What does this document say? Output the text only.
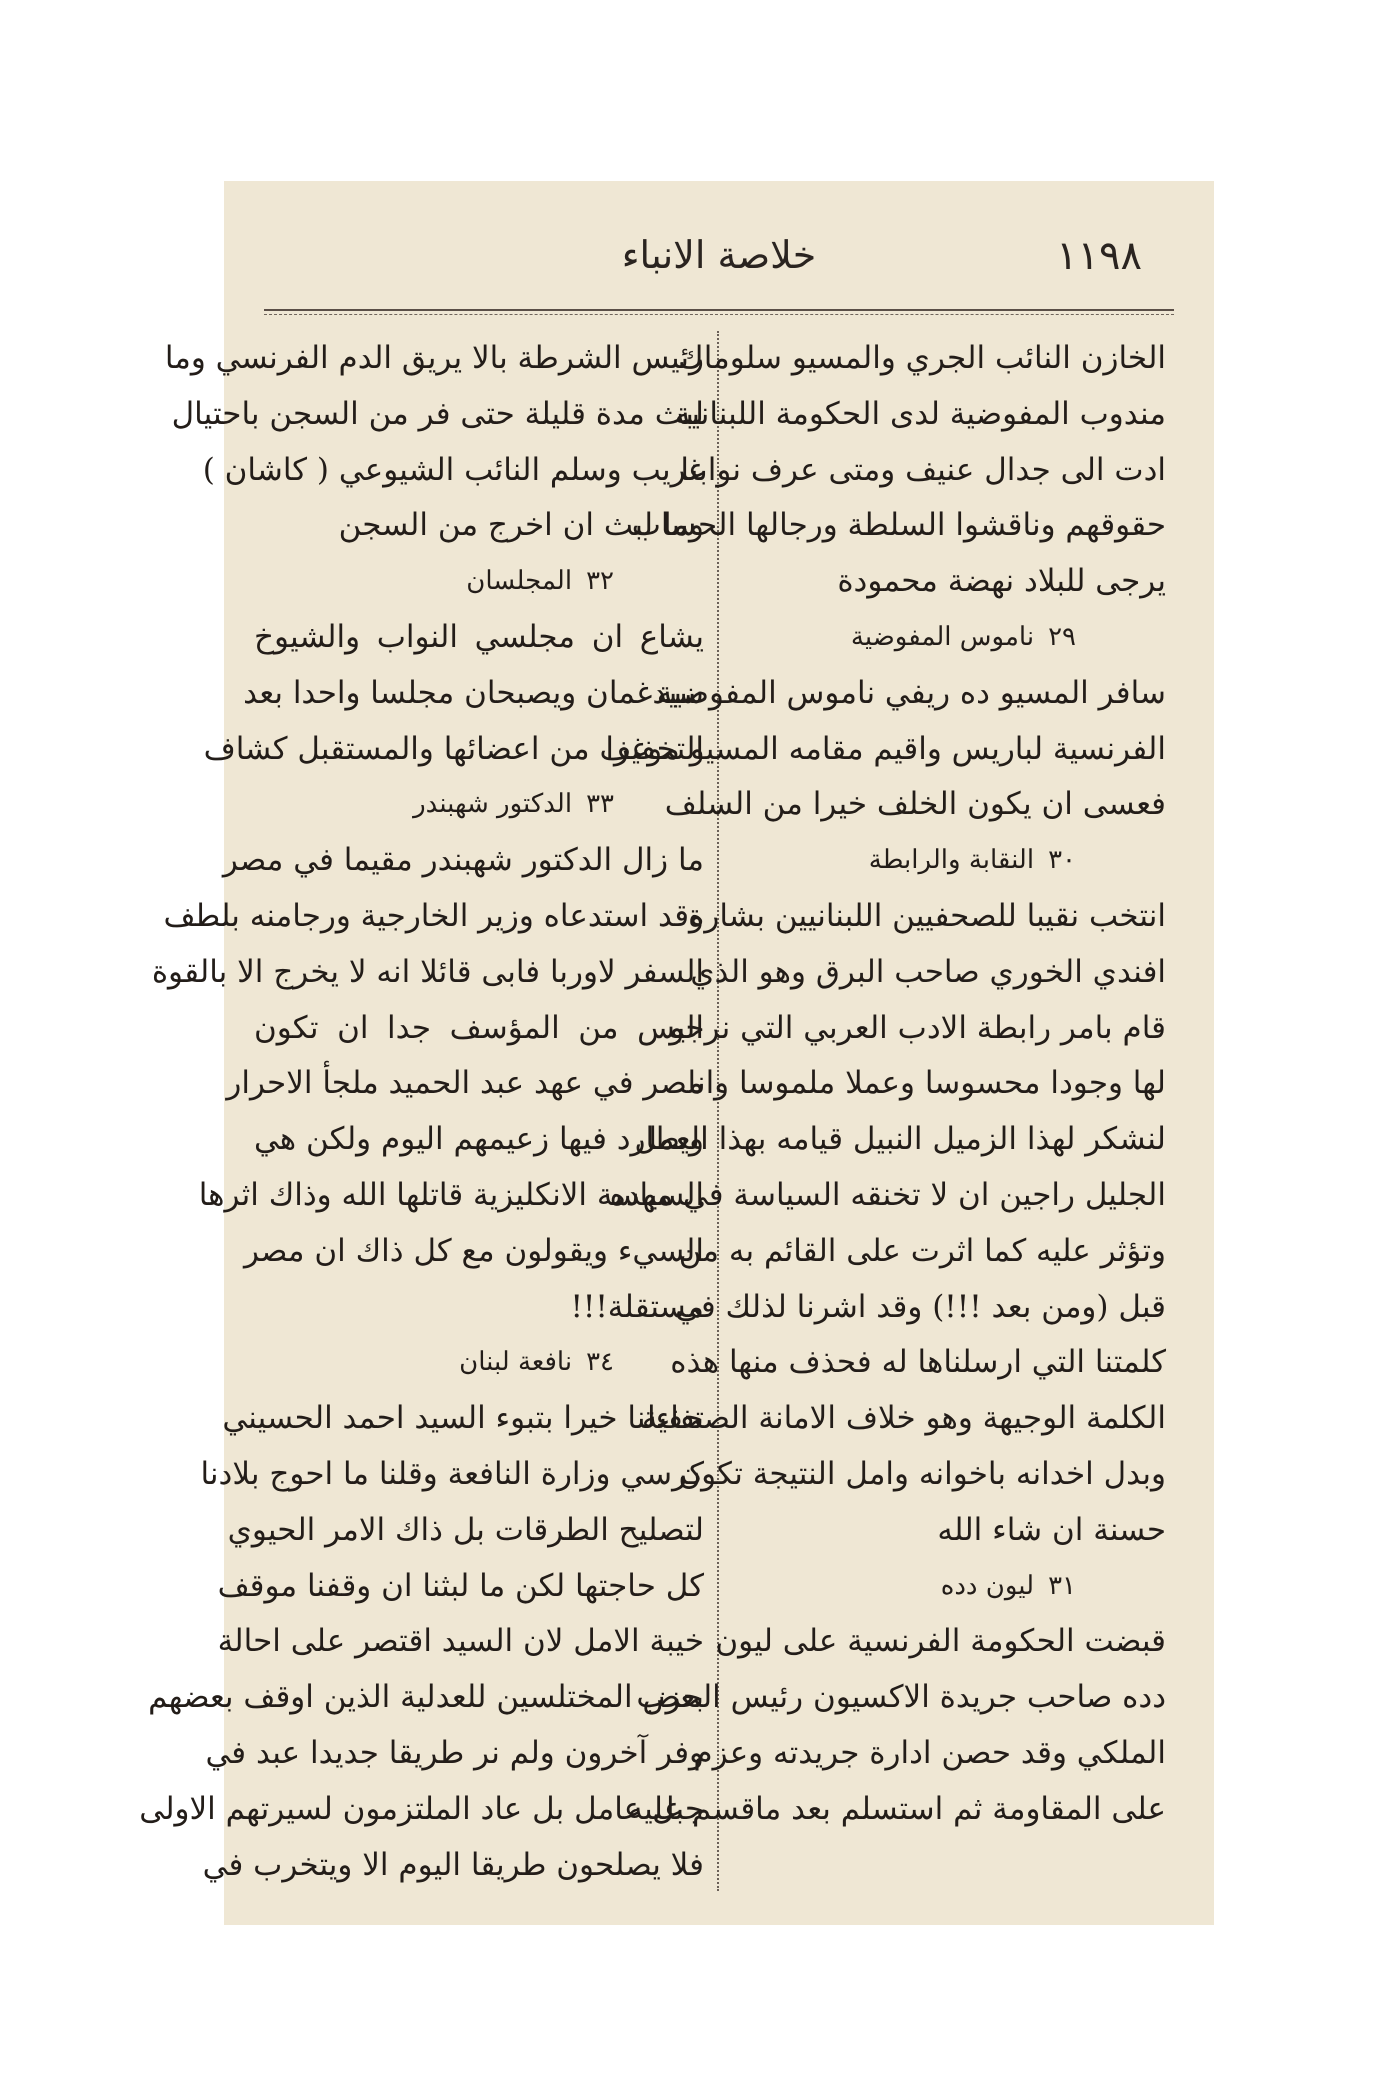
١١٩٨
خلاصة الانباء
الخازن النائب الجري والمسيو سلوماك
مندوب المفوضية لدى الحكومة اللبنانية
ادت الى جدال عنيف ومتى عرف نوابنا
حقوقهم وناقشوا السلطة ورجالها الحساب
يرجى للبلاد نهضة محمودة
٢٩ناموس المفوضية
سافر المسيو ده ريفي ناموس المفوضية
الفرنسية لباريس واقيم مقامه المسيو موغرا
فعسى ان يكون الخلف خيرا من السلف
٣٠النقابة والرابطة
انتخب نقيبا للصحفيين اللبنانيين بشارة
افندي الخوري صاحب البرق وهو الذي
قام بامر رابطة الادب العربي التي نرجو
لها وجودا محسوسا وعملا ملموسا وانا
لنشكر لهذا الزميل النبيل قيامه بهذا العمل
الجليل راجين ان لا تخنقه السياسة في مهده
وتؤثر عليه كما اثرت على القائم به من
قبل (ومن بعد !!!) وقد اشرنا لذلك في
كلمتنا التي ارسلناها له فحذف منها هذه
الكلمة الوجيهة وهو خلاف الامانة الصحفية
وبدل اخدانه باخوانه وامل النتيجة تكون
حسنة ان شاء الله
٣١ليون دده
قبضت الحكومة الفرنسية على ليون
دده صاحب جريدة الاكسيون رئيس الحزب
الملكي وقد حصن ادارة جريدته وعزم
على المقاومة ثم استسلم بعد ماقسم عليه
رئيس الشرطة بالا يريق الدم الفرنسي وما
لبث مدة قليلة حتى فر من السجن باحتيال
غريب وسلم النائب الشيوعي ( كاشان )
وما لبث ان اخرج من السجن
٣٢المجلسان
يشاع ان مجلسي النواب والشيوخ
سيدغمان ويصبحان مجلسا واحدا بعد
التخفيف من اعضائها والمستقبل كشاف
٣٣الدكتور شهبندر
ما زال الدكتور شهبندر مقيما في مصر
وقد استدعاه وزير الخارجية ورجامنه بلطف
السفر لاوربا فابى قائلا انه لا يخرج الا بالقوة
اليس من المؤسف جدا ان تكون
مصر في عهد عبد الحميد ملجأ الاحرار
ويطارد فيها زعيمهم اليوم ولكن هي
السياسة الانكليزية قاتلها الله وذاك اثرها
السيء ويقولون مع كل ذاك ان مصر
مستقلة!!!
٣٤نافعة لبنان
تفاءلنا خيرا بتبوء السيد احمد الحسيني
كرسي وزارة النافعة وقلنا ما احوج بلادنا
لتصليح الطرقات بل ذاك الامر الحيوي
كل حاجتها لكن ما لبثنا ان وقفنا موقف
خيبة الامل لان السيد اقتصر على احالة
بعض المختلسين للعدلية الذين اوقف بعضهم
وفر آخرون ولم نر طريقا جديدا عبد في
جبل عامل بل عاد الملتزمون لسيرتهم الاولى
فلا يصلحون طريقا اليوم الا ويتخرب في
